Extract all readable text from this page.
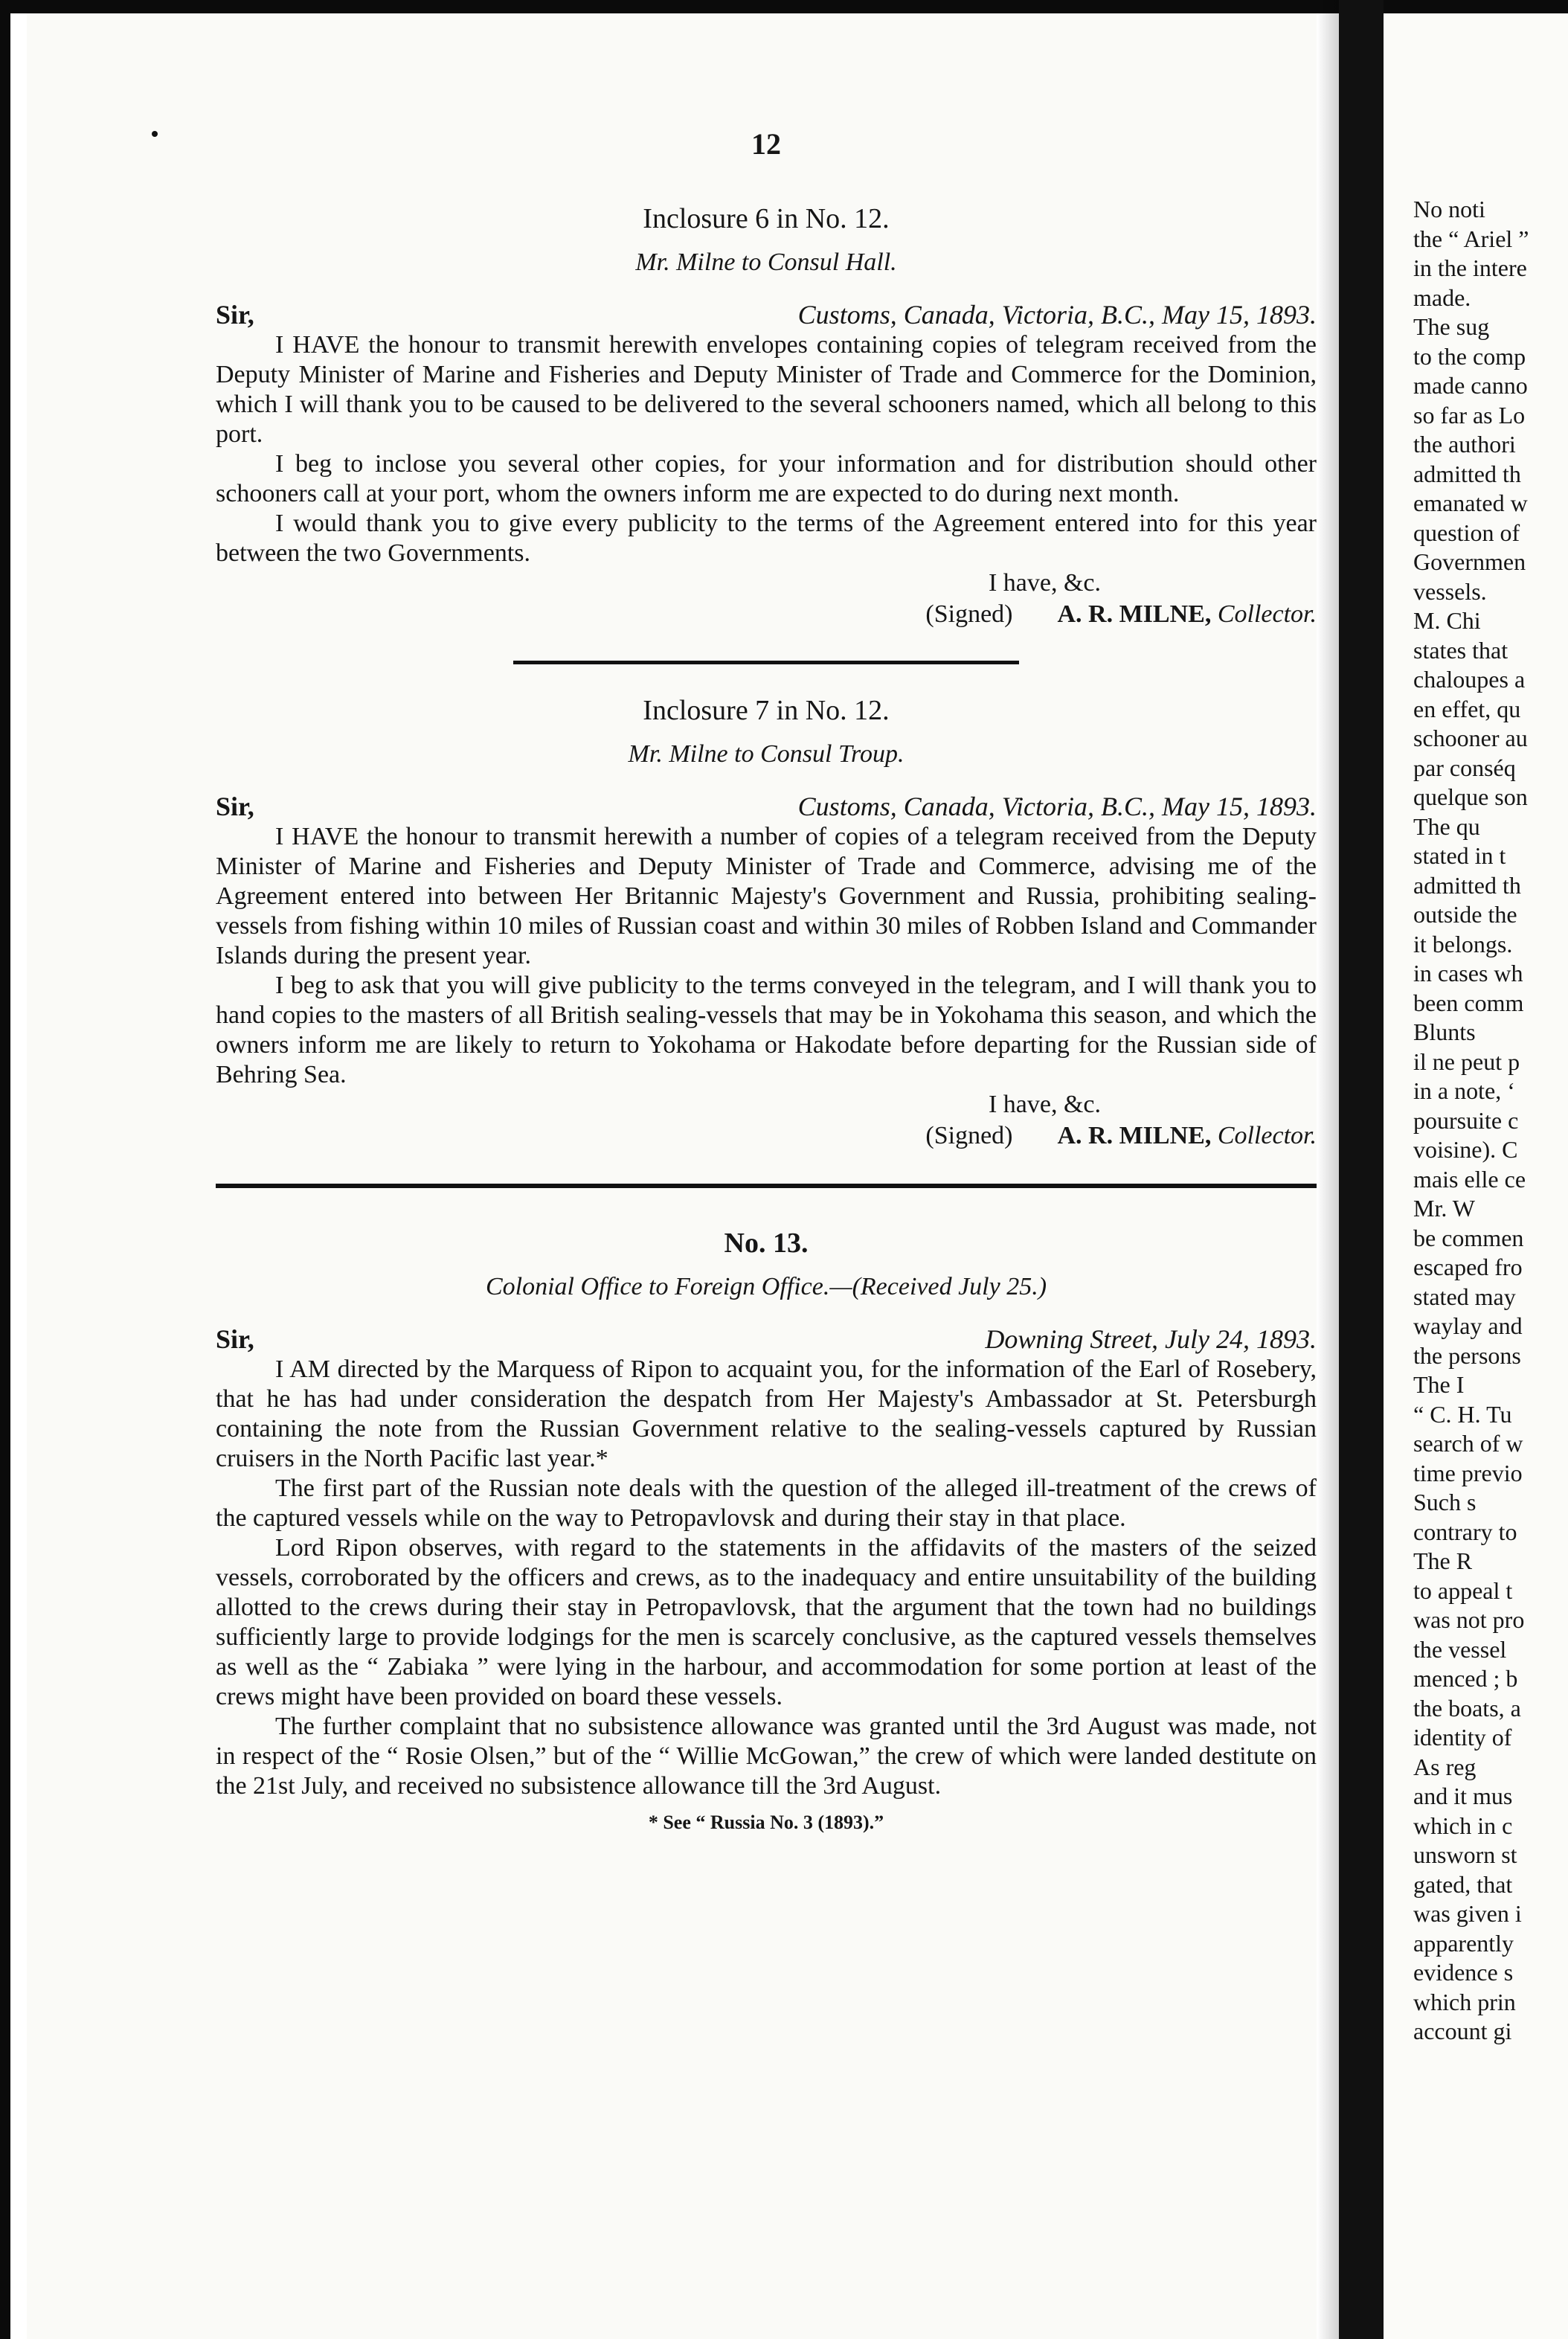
12
Inclosure 6 in No. 12.
Mr. Milne to Consul Hall.
Sir,	Customs, Canada, Victoria, B.C., May 15, 1893.

I HAVE the honour to transmit herewith envelopes containing copies of telegram received from the Deputy Minister of Marine and Fisheries and Deputy Minister of Trade and Commerce for the Dominion, which I will thank you to be caused to be delivered to the several schooners named, which all belong to this port.

I beg to inclose you several other copies, for your information and for distribution should other schooners call at your port, whom the owners inform me are expected to do during next month.

I would thank you to give every publicity to the terms of the Agreement entered into for this year between the two Governments.

I have, &c.
(Signed) A. R. MILNE, Collector.
Inclosure 7 in No. 12.
Mr. Milne to Consul Troup.
Sir,	Customs, Canada, Victoria, B.C., May 15, 1893.

I HAVE the honour to transmit herewith a number of copies of a telegram received from the Deputy Minister of Marine and Fisheries and Deputy Minister of Trade and Commerce, advising me of the Agreement entered into between Her Britannic Majesty's Government and Russia, prohibiting sealing-vessels from fishing within 10 miles of Russian coast and within 30 miles of Robben Island and Commander Islands during the present year.

I beg to ask that you will give publicity to the terms conveyed in the telegram, and I will thank you to hand copies to the masters of all British sealing-vessels that may be in Yokohama this season, and which the owners inform me are likely to return to Yokohama or Hakodate before departing for the Russian side of Behring Sea.

I have, &c.
(Signed) A. R. MILNE, Collector.
No. 13.
Colonial Office to Foreign Office.—(Received July 25.)
Sir,	Downing Street, July 24, 1893.

I AM directed by the Marquess of Ripon to acquaint you, for the information of the Earl of Rosebery, that he has had under consideration the despatch from Her Majesty's Ambassador at St. Petersburgh containing the note from the Russian Government relative to the sealing-vessels captured by Russian cruisers in the North Pacific last year.*

The first part of the Russian note deals with the question of the alleged ill-treatment of the crews of the captured vessels while on the way to Petropavlovsk and during their stay in that place.

Lord Ripon observes, with regard to the statements in the affidavits of the masters of the seized vessels, corroborated by the officers and crews, as to the inadequacy and entire unsuitability of the building allotted to the crews during their stay in Petropavlovsk, that the argument that the town had no buildings sufficiently large to provide lodgings for the men is scarcely conclusive, as the captured vessels themselves as well as the “ Zabiaka ” were lying in the harbour, and accommodation for some portion at least of the crews might have been provided on board these vessels.

The further complaint that no subsistence allowance was granted until the 3rd August was made, not in respect of the “ Rosie Olsen,” but of the “ Willie McGowan,” the crew of which were landed destitute on the 21st July, and received no subsistence allowance till the 3rd August.

* See “ Russia No. 3 (1893).”
No noti
the “ Ariel ”
in the intere
made.
The sug
to the comp
made canno
so far as Lo
the authori
admitted th
emanated w
question of
Governmen
vessels.
M. Chi
states that
chaloupes a
en effet, qu
schooner au
par conséq
quelque son
The qu
stated in t
admitted th
outside the
it belongs.
in cases wh
been comm
Blunts
il ne peut p
in a note, ‘
poursuite c
voisine). C
mais elle ce
Mr. W
be commen
escaped fro
stated may
waylay and
the persons
The I
“ C. H. Tu
search of w
time previo
Such s
contrary to
The R
to appeal t
was not pro
the vessel
menced ; b
the boats, a
identity of
As reg
and it mus
which in c
unsworn st
gated, that
was given i
apparently
evidence s
which prin
account gi
